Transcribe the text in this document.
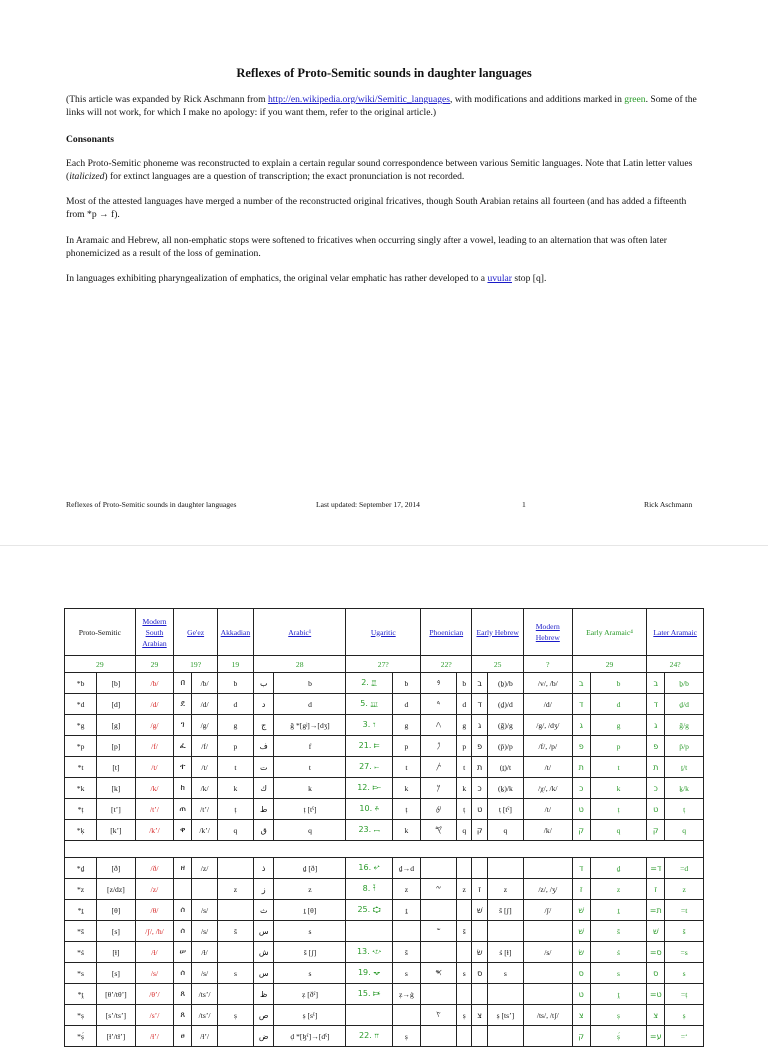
Reflexes of Proto-Semitic sounds in daughter languages
(This article was expanded by Rick Aschmann from http://en.wikipedia.org/wiki/Semitic_languages, with modifications and additions marked in green. Some of the links will not work, for which I make no apology: if you want them, refer to the original article.)
Consonants
Each Proto-Semitic phoneme was reconstructed to explain a certain regular sound correspondence between various Semitic languages. Note that Latin letter values (italicized) for extinct languages are a question of transcription; the exact pronunciation is not recorded.
Most of the attested languages have merged a number of the reconstructed original fricatives, though South Arabian retains all fourteen (and has added a fifteenth from *p → f).
In Aramaic and Hebrew, all non-emphatic stops were softened to fricatives when occurring singly after a vowel, leading to an alternation that was often later phonemicized as a result of the loss of gemination.
In languages exhibiting pharyngealization of emphatics, the original velar emphatic has rather developed to a uvular stop [q].
Reflexes of Proto-Semitic sounds in daughter languages	Last updated: September 17, 2014	1	Rick Aschmann
Proto-Semitic		Modern South Arabian	Ge'ez		Akkadian	Arabic¹		Ugaritic		Phoenician		Early Hebrew		Modern Hebrew	Early Aramaic⁴		Later Aramaic	
29		29	19?		19	28		27?		22?		25		?	29		24?	
*b	[b]	/b/	በ	/b/	b	ب	b	2. 𐎁	b	𐤁	b	ב	(ḇ)/b	/v/, /b/	ב	b	ב	ḇ/b
*d	[d]	/d/	ደ	/d/	d	د	d	5. 𐎄	d	𐤃	d	ד	(ḏ)/d	/d/	ד	d	ד	ḏ/d
*g	[g]	/g/	ገ	/g/	g	ج	ǧ *[gʲ]→[dʒ]	3. 𐎂	g	𐤂	g	ג	(ḡ)/g	/g/, /dʒ/	ג	g	ג	ḡ/g
*p	[p]	/f/	ፈ	/f/	p	ف	f	21. 𐎔	p	𐤐	p	פ	(p̄)/p	/f/, /p/	פ	p	פ	p̄/p
*t	[t]	/t/	ተ	/t/	t	ت	t	27. 𐎚	t	𐤕	t	ת	(ṯ)/t	/t/	ת	t	ת	ṯ/t
*k	[k]	/k/	ከ	/k/	k	ك	k	12. 𐎋	k	𐤊	k	כ	(ḵ)/k	/χ/, /k/	כ	k	כ	ḵ/k
*ṭ	[tʼ]	/tʼ/	ጠ	/tʼ/	ṭ	ط	ṭ [tˤ]	10. 𐎉	ṭ	𐤈	ṭ	ט	ṭ [tˤ]	/t/	ט	ṭ	ט	ṭ
*ḳ	[kʼ]	/kʼ/	ቀ	/kʼ/	q	ق	q	23. 𐎖	k	𐤒	q	ק	q	/k/	ק	q	ק	q

*ḏ	[ð]	/ð/	ዘ	/z/		ذ	ḏ [ð]	16. 𐎏	ḏ→d						ד	ḏ	=ד	=d
*z	[z/dz]	/z/			z	ز	z	8. 𐎇	z	𐤆	z	ז	z	/z/, /ʒ/	ז	z	ז	z
*ṯ	[θ]	/θ/	ሰ	/s/		ث	ṯ [θ]	25. 𐎘	ṯ			שׁ	š [ʃ]	/ʃ/	שׁ	ṯ	=ת	=t
*š	[s]	/ʃ/, /h/	ሰ	/s/	š	س	s			𐤔	š				שׁ	š	שׁ	š
*ś	[ɬ]	/ɬ/	ሠ	/ɬ/		ش	š [ʃ]	13. 𐎌	š			שׂ	ś [ɬ]	/s/	שׂ	ś	=ס	=s
*s	[s]	/s/	ሰ	/s/	s	س	s	19. 𐎒	s	𐤎	s	ס	s		ס	s	ס	s
*ṱ	[θʼ/tθʼ]	/θʼ/	ጸ	/tsʼ/		ظ	ẓ [ðˤ]	15. 𐎑	ẓ→ġ						ט	ṱ	=ט	=ṭ
*ṣ	[sʼ/tsʼ]	/sʼ/	ጸ	/tsʼ/	ṣ	ص	ṣ [sˤ]			𐤑	ṣ	צ	ṣ [tsʼ]	/ts/, /tʃ/	צ	ṣ	צ	ṣ
*ṣ́	[ɬʼ/tɬʼ]	/ɬʼ/	ፀ	/ɬʼ/		ض	ḍ *[ɮˤ]→[dˤ]	22. 𐎕	ṣ						ק	ṣ́	=ע	=ʻ
